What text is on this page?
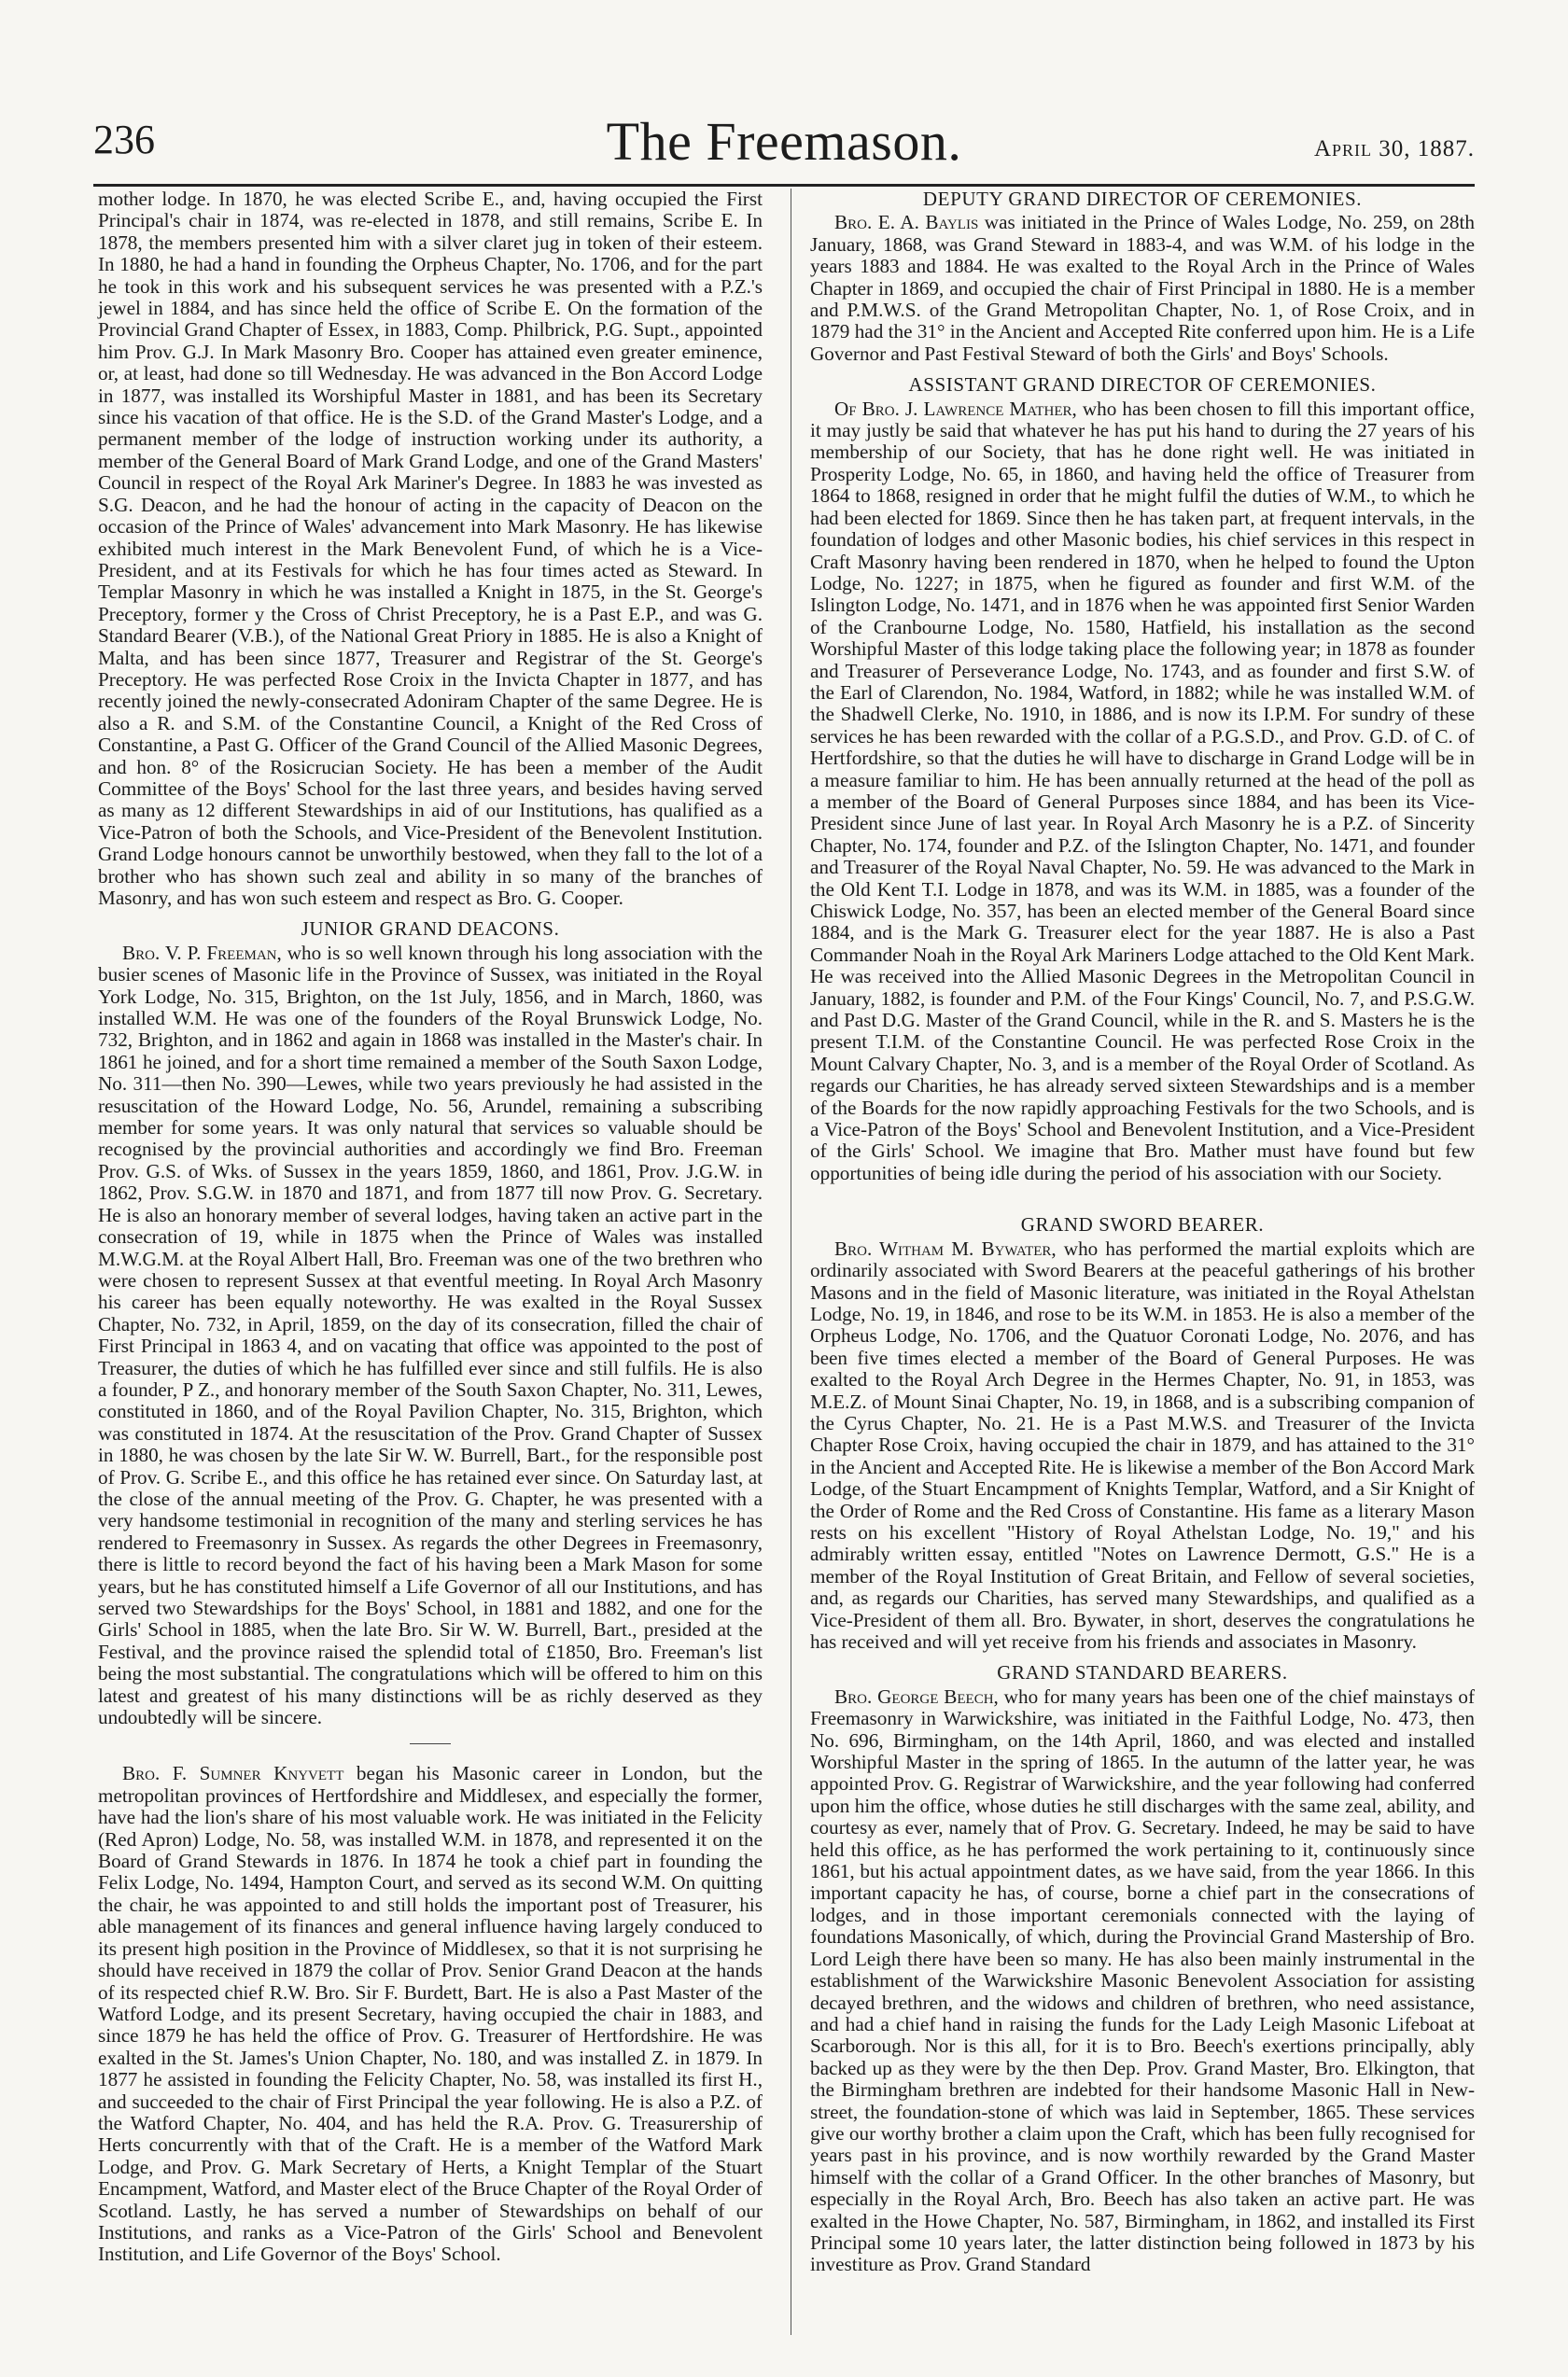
236	The Freemason.	April 30, 1887.

mother lodge. In 1870, he was elected Scribe E., and, having occupied the First Principal's chair in 1874, was re-elected in 1878, and still remains, Scribe E. In 1878, the members presented him with a silver claret jug in token of their esteem. In 1880, he had a hand in founding the Orpheus Chapter, No. 1706, and for the part he took in this work and his subsequent services he was presented with a P.Z.'s jewel in 1884, and has since held the office of Scribe E. On the formation of the Provincial Grand Chapter of Essex, in 1883, Comp. Philbrick, P.G. Supt., appointed him Prov. G.J. In Mark Masonry Bro. Cooper has attained even greater eminence, or, at least, had done so till Wednesday. He was advanced in the Bon Accord Lodge in 1877, was installed its Worshipful Master in 1881, and has been its Secretary since his vacation of that office. He is the S.D. of the Grand Master's Lodge, and a permanent member of the lodge of instruction working under its authority, a member of the General Board of Mark Grand Lodge, and one of the Grand Masters' Council in respect of the Royal Ark Mariner's Degree. In 1883 he was invested as S.G. Deacon, and he had the honour of acting in the capacity of Deacon on the occasion of the Prince of Wales' advancement into Mark Masonry. He has likewise exhibited much interest in the Mark Benevolent Fund, of which he is a Vice-President, and at its Festivals for which he has four times acted as Steward. In Templar Masonry in which he was installed a Knight in 1875, in the St. George's Preceptory, former y the Cross of Christ Preceptory, he is a Past E.P., and was G. Standard Bearer (V.B.), of the National Great Priory in 1885. He is also a Knight of Malta, and has been since 1877, Treasurer and Registrar of the St. George's Preceptory. He was perfected Rose Croix in the Invicta Chapter in 1877, and has recently joined the newly-consecrated Adoniram Chapter of the same Degree. He is also a R. and S.M. of the Constantine Council, a Knight of the Red Cross of Constantine, a Past G. Officer of the Grand Council of the Allied Masonic Degrees, and hon. 8° of the Rosicrucian Society. He has been a member of the Audit Committee of the Boys' School for the last three years, and besides having served as many as 12 different Stewardships in aid of our Institutions, has qualified as a Vice-Patron of both the Schools, and Vice-President of the Benevolent Institution. Grand Lodge honours cannot be unworthily bestowed, when they fall to the lot of a brother who has shown such zeal and ability in so many of the branches of Masonry, and has won such esteem and respect as Bro. G. Cooper.

JUNIOR GRAND DEACONS.

Bro. V. P. Freeman, who is so well known through his long association with the busier scenes of Masonic life in the Province of Sussex, was initiated in the Royal York Lodge, No. 315, Brighton, on the 1st July, 1856, and in March, 1860, was installed W.M. He was one of the founders of the Royal Brunswick Lodge, No. 732, Brighton, and in 1862 and again in 1868 was installed in the Master's chair. In 1861 he joined, and for a short time remained a member of the South Saxon Lodge, No. 311—then No. 390—Lewes, while two years previously he had assisted in the resuscitation of the Howard Lodge, No. 56, Arundel, remaining a subscribing member for some years. It was only natural that services so valuable should be recognised by the provincial authorities and accordingly we find Bro. Freeman Prov. G.S. of Wks. of Sussex in the years 1859, 1860, and 1861, Prov. J.G.W. in 1862, Prov. S.G.W. in 1870 and 1871, and from 1877 till now Prov. G. Secretary. He is also an honorary member of several lodges, having taken an active part in the consecration of 19, while in 1875 when the Prince of Wales was installed M.W.G.M. at the Royal Albert Hall, Bro. Freeman was one of the two brethren who were chosen to represent Sussex at that eventful meeting. In Royal Arch Masonry his career has been equally noteworthy. He was exalted in the Royal Sussex Chapter, No. 732, in April, 1859, on the day of its consecration, filled the chair of First Principal in 1863 4, and on vacating that office was appointed to the post of Treasurer, the duties of which he has fulfilled ever since and still fulfils. He is also a founder, P Z., and honorary member of the South Saxon Chapter, No. 311, Lewes, constituted in 1860, and of the Royal Pavilion Chapter, No. 315, Brighton, which was constituted in 1874. At the resuscitation of the Prov. Grand Chapter of Sussex in 1880, he was chosen by the late Sir W. W. Burrell, Bart., for the responsible post of Prov. G. Scribe E., and this office he has retained ever since. On Saturday last, at the close of the annual meeting of the Prov. G. Chapter, he was presented with a very handsome testimonial in recognition of the many and sterling services he has rendered to Freemasonry in Sussex. As regards the other Degrees in Freemasonry, there is little to record beyond the fact of his having been a Mark Mason for some years, but he has constituted himself a Life Governor of all our Institutions, and has served two Stewardships for the Boys' School, in 1881 and 1882, and one for the Girls' School in 1885, when the late Bro. Sir W. W. Burrell, Bart., presided at the Festival, and the province raised the splendid total of £1850, Bro. Freeman's list being the most substantial. The congratulations which will be offered to him on this latest and greatest of his many distinctions will be as richly deserved as they undoubtedly will be sincere.

Bro. F. Sumner Knyvett began his Masonic career in London, but the metropolitan provinces of Hertfordshire and Middlesex, and especially the former, have had the lion's share of his most valuable work. He was initiated in the Felicity (Red Apron) Lodge, No. 58, was installed W.M. in 1878, and represented it on the Board of Grand Stewards in 1876. In 1874 he took a chief part in founding the Felix Lodge, No. 1494, Hampton Court, and served as its second W.M. On quitting the chair, he was appointed to and still holds the important post of Treasurer, his able management of its finances and general influence having largely conduced to its present high position in the Province of Middlesex, so that it is not surprising he should have received in 1879 the collar of Prov. Senior Grand Deacon at the hands of its respected chief R.W. Bro. Sir F. Burdett, Bart. He is also a Past Master of the Watford Lodge, and its present Secretary, having occupied the chair in 1883, and since 1879 he has held the office of Prov. G. Treasurer of Hertfordshire. He was exalted in the St. James's Union Chapter, No. 180, and was installed Z. in 1879. In 1877 he assisted in founding the Felicity Chapter, No. 58, was installed its first H., and succeeded to the chair of First Principal the year following. He is also a P.Z. of the Watford Chapter, No. 404, and has held the R.A. Prov. G. Treasurership of Herts concurrently with that of the Craft. He is a member of the Watford Mark Lodge, and Prov. G. Mark Secretary of Herts, a Knight Templar of the Stuart Encampment, Watford, and Master elect of the Bruce Chapter of the Royal Order of Scotland. Lastly, he has served a number of Stewardships on behalf of our Institutions, and ranks as a Vice-Patron of the Girls' School and Benevolent Institution, and Life Governor of the Boys' School.

DEPUTY GRAND DIRECTOR OF CEREMONIES.

Bro. E. A. Baylis was initiated in the Prince of Wales Lodge, No. 259, on 28th January, 1868, was Grand Steward in 1883-4, and was W.M. of his lodge in the years 1883 and 1884. He was exalted to the Royal Arch in the Prince of Wales Chapter in 1869, and occupied the chair of First Principal in 1880. He is a member and P.M.W.S. of the Grand Metropolitan Chapter, No. 1, of Rose Croix, and in 1879 had the 31° in the Ancient and Accepted Rite conferred upon him. He is a Life Governor and Past Festival Steward of both the Girls' and Boys' Schools.

ASSISTANT GRAND DIRECTOR OF CEREMONIES.

Of Bro. J. Lawrence Mather, who has been chosen to fill this important office, it may justly be said that whatever he has put his hand to during the 27 years of his membership of our Society, that has he done right well. He was initiated in Prosperity Lodge, No. 65, in 1860, and having held the office of Treasurer from 1864 to 1868, resigned in order that he might fulfil the duties of W.M., to which he had been elected for 1869. Since then he has taken part, at frequent intervals, in the foundation of lodges and other Masonic bodies, his chief services in this respect in Craft Masonry having been rendered in 1870, when he helped to found the Upton Lodge, No. 1227; in 1875, when he figured as founder and first W.M. of the Islington Lodge, No. 1471, and in 1876 when he was appointed first Senior Warden of the Cranbourne Lodge, No. 1580, Hatfield, his installation as the second Worshipful Master of this lodge taking place the following year; in 1878 as founder and Treasurer of Perseverance Lodge, No. 1743, and as founder and first S.W. of the Earl of Clarendon, No. 1984, Watford, in 1882; while he was installed W.M. of the Shadwell Clerke, No. 1910, in 1886, and is now its I.P.M. For sundry of these services he has been rewarded with the collar of a P.G.S.D., and Prov. G.D. of C. of Hertfordshire, so that the duties he will have to discharge in Grand Lodge will be in a measure familiar to him. He has been annually returned at the head of the poll as a member of the Board of General Purposes since 1884, and has been its Vice-President since June of last year. In Royal Arch Masonry he is a P.Z. of Sincerity Chapter, No. 174, founder and P.Z. of the Islington Chapter, No. 1471, and founder and Treasurer of the Royal Naval Chapter, No. 59. He was advanced to the Mark in the Old Kent T.I. Lodge in 1878, and was its W.M. in 1885, was a founder of the Chiswick Lodge, No. 357, has been an elected member of the General Board since 1884, and is the Mark G. Treasurer elect for the year 1887. He is also a Past Commander Noah in the Royal Ark Mariners Lodge attached to the Old Kent Mark. He was received into the Allied Masonic Degrees in the Metropolitan Council in January, 1882, is founder and P.M. of the Four Kings' Council, No. 7, and P.S.G.W. and Past D.G. Master of the Grand Council, while in the R. and S. Masters he is the present T.I.M. of the Constantine Council. He was perfected Rose Croix in the Mount Calvary Chapter, No. 3, and is a member of the Royal Order of Scotland. As regards our Charities, he has already served sixteen Stewardships and is a member of the Boards for the now rapidly approaching Festivals for the two Schools, and is a Vice-Patron of the Boys' School and Benevolent Institution, and a Vice-President of the Girls' School. We imagine that Bro. Mather must have found but few opportunities of being idle during the period of his association with our Society.

GRAND SWORD BEARER.

Bro. Witham M. Bywater, who has performed the martial exploits which are ordinarily associated with Sword Bearers at the peaceful gatherings of his brother Masons and in the field of Masonic literature, was initiated in the Royal Athelstan Lodge, No. 19, in 1846, and rose to be its W.M. in 1853. He is also a member of the Orpheus Lodge, No. 1706, and the Quatuor Coronati Lodge, No. 2076, and has been five times elected a member of the Board of General Purposes. He was exalted to the Royal Arch Degree in the Hermes Chapter, No. 91, in 1853, was M.E.Z. of Mount Sinai Chapter, No. 19, in 1868, and is a subscribing companion of the Cyrus Chapter, No. 21. He is a Past M.W.S. and Treasurer of the Invicta Chapter Rose Croix, having occupied the chair in 1879, and has attained to the 31° in the Ancient and Accepted Rite. He is likewise a member of the Bon Accord Mark Lodge, of the Stuart Encampment of Knights Templar, Watford, and a Sir Knight of the Order of Rome and the Red Cross of Constantine. His fame as a literary Mason rests on his excellent "History of Royal Athelstan Lodge, No. 19," and his admirably written essay, entitled "Notes on Lawrence Dermott, G.S." He is a member of the Royal Institution of Great Britain, and Fellow of several societies, and, as regards our Charities, has served many Stewardships, and qualified as a Vice-President of them all. Bro. Bywater, in short, deserves the congratulations he has received and will yet receive from his friends and associates in Masonry.

GRAND STANDARD BEARERS.

Bro. George Beech, who for many years has been one of the chief mainstays of Freemasonry in Warwickshire, was initiated in the Faithful Lodge, No. 473, then No. 696, Birmingham, on the 14th April, 1860, and was elected and installed Worshipful Master in the spring of 1865. In the autumn of the latter year, he was appointed Prov. G. Registrar of Warwickshire, and the year following had conferred upon him the office, whose duties he still discharges with the same zeal, ability, and courtesy as ever, namely that of Prov. G. Secretary. Indeed, he may be said to have held this office, as he has performed the work pertaining to it, continuously since 1861, but his actual appointment dates, as we have said, from the year 1866. In this important capacity he has, of course, borne a chief part in the consecrations of lodges, and in those important ceremonials connected with the laying of foundations Masonically, of which, during the Provincial Grand Mastership of Bro. Lord Leigh there have been so many. He has also been mainly instrumental in the establishment of the Warwickshire Masonic Benevolent Association for assisting decayed brethren, and the widows and children of brethren, who need assistance, and had a chief hand in raising the funds for the Lady Leigh Masonic Lifeboat at Scarborough. Nor is this all, for it is to Bro. Beech's exertions principally, ably backed up as they were by the then Dep. Prov. Grand Master, Bro. Elkington, that the Birmingham brethren are indebted for their handsome Masonic Hall in New-street, the foundation-stone of which was laid in September, 1865. These services give our worthy brother a claim upon the Craft, which has been fully recognised for years past in his province, and is now worthily rewarded by the Grand Master himself with the collar of a Grand Officer. In the other branches of Masonry, but especially in the Royal Arch, Bro. Beech has also taken an active part. He was exalted in the Howe Chapter, No. 587, Birmingham, in 1862, and installed its First Principal some 10 years later, the latter distinction being followed in 1873 by his investiture as Prov. Grand Standard
